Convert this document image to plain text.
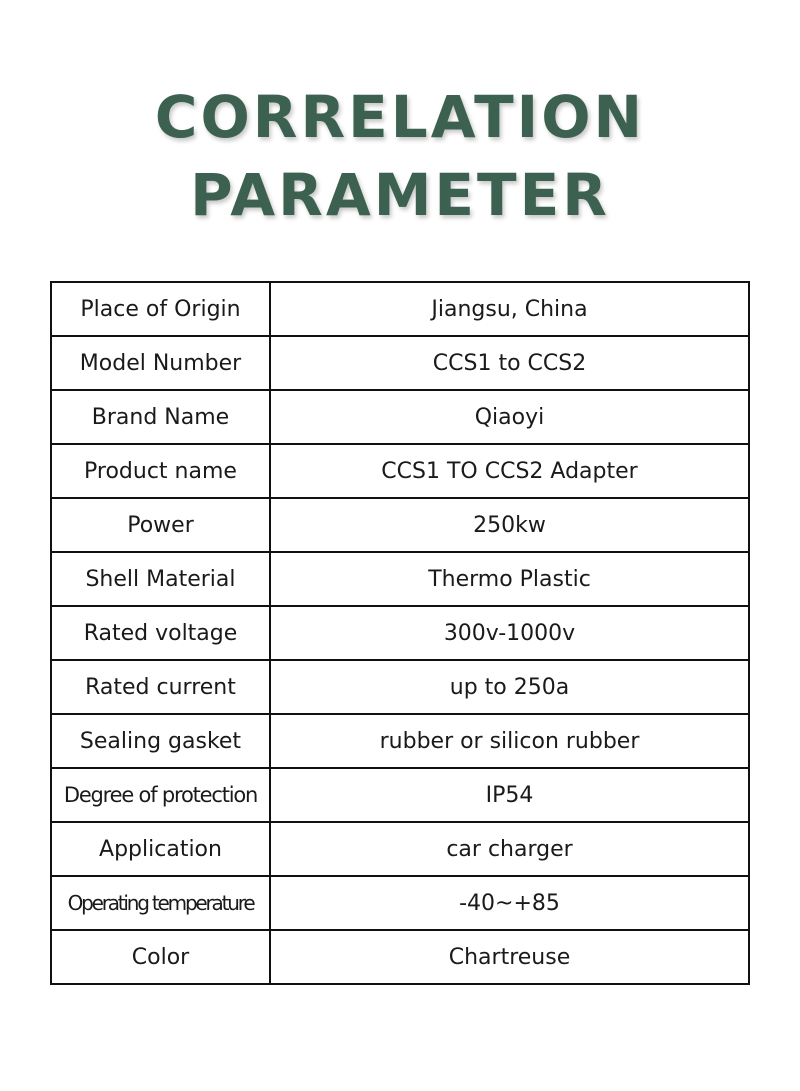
CORRELATION
PARAMETER
Place of Origin	Jiangsu, China
Model Number	CCS1 to CCS2
Brand Name	Qiaoyi
Product name	CCS1 TO CCS2 Adapter
Power	250kw
Shell Material	Thermo Plastic
Rated voltage	300v-1000v
Rated current	up to 250a
Sealing gasket	rubber or silicon rubber
Degree of protection	IP54
Application	car charger
Operating temperature	-40~+85
Color	Chartreuse
